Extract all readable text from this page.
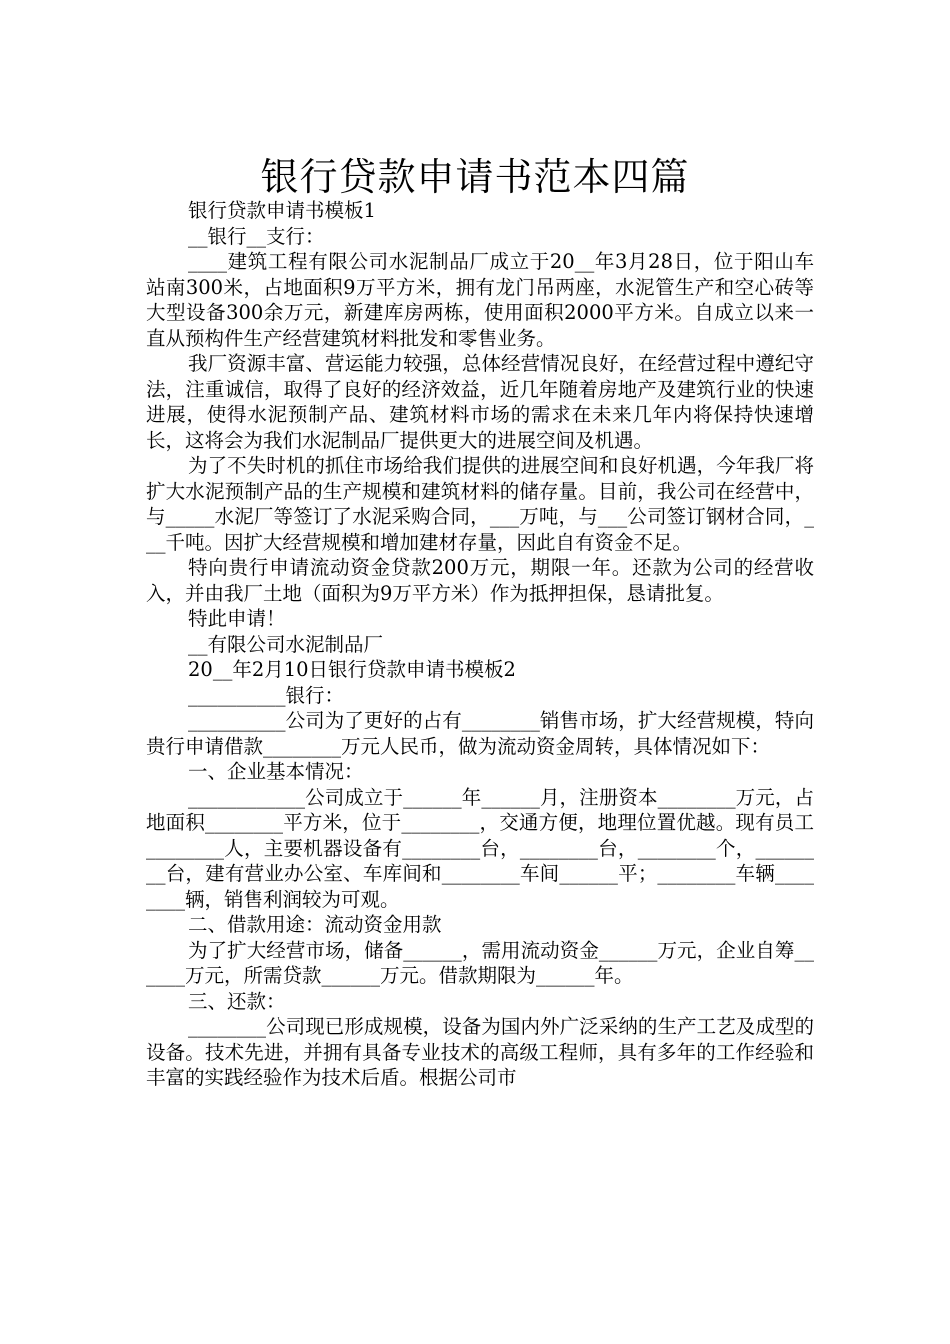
银行贷款申请书范本四篇

银行贷款申请书模板1

__银行__支行：

____建筑工程有限公司水泥制品厂成立于20__年3月28日，位于阳山车站南300米，占地面积9万平方米，拥有龙门吊两座，水泥管生产和空心砖等大型设备300余万元，新建库房两栋，使用面积2000平方米。自成立以来一直从预构件生产经营建筑材料批发和零售业务。

我厂资源丰富、营运能力较强，总体经营情况良好，在经营过程中遵纪守法，注重诚信，取得了良好的经济效益，近几年随着房地产及建筑行业的快速进展，使得水泥预制产品、建筑材料市场的需求在未来几年内将保持快速增长，这将会为我们水泥制品厂提供更大的进展空间及机遇。

为了不失时机的抓住市场给我们提供的进展空间和良好机遇，今年我厂将扩大水泥预制产品的生产规模和建筑材料的储存量。目前，我公司在经营中，与_____水泥厂等签订了水泥采购合同，___万吨，与___公司签订钢材合同，___千吨。因扩大经营规模和增加建材存量，因此自有资金不足。

特向贵行申请流动资金贷款200万元，期限一年。还款为公司的经营收入，并由我厂土地（面积为9万平方米）作为抵押担保，恳请批复。

特此申请！

__有限公司水泥制品厂

20__年2月10日银行贷款申请书模板2

__________银行：

__________公司为了更好的占有________销售市场，扩大经营规模，特向贵行申请借款________万元人民币，做为流动资金周转，具体情况如下：

一、企业基本情况：

____________公司成立于______年______月，注册资本________万元，占地面积________平方米，位于________，交通方便，地理位置优越。现有员工________人，主要机器设备有________台，________台，________个，________台，建有营业办公室、车库间和________车间______平；________车辆________辆，销售利润较为可观。

二、借款用途：流动资金用款

为了扩大经营市场，储备______，需用流动资金______万元，企业自筹______万元，所需贷款______万元。借款期限为______年。

三、还款：

________公司现已形成规模，设备为国内外广泛采纳的生产工艺及成型的设备。技术先进，并拥有具备专业技术的高级工程师，具有多年的工作经验和丰富的实践经验作为技术后盾。根据公司市
